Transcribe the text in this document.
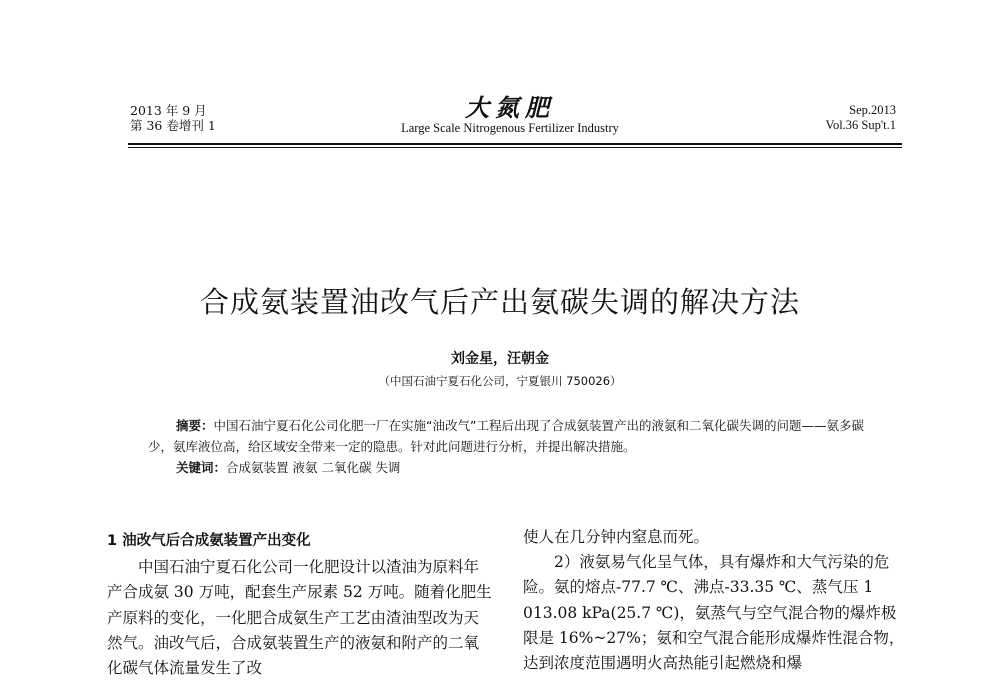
2013 年 9 月
第 36 卷增刊 1
大氮肥
Large Scale Nitrogenous Fertilizer Industry
Sep.2013
Vol.36 Sup't.1
合成氨装置油改气后产出氨碳失调的解决方法
刘金星，汪朝金
（中国石油宁夏石化公司，宁夏银川 750026）

摘要：中国石油宁夏石化公司化肥一厂在实施“油改气”工程后出现了合成氨装置产出的液氨和二氧化碳失调的问题——氨多碳少，氨库液位高，给区域安全带来一定的隐患。针对此问题进行分析，并提出解决措施。

关键词：合成氨装置 液氨 二氧化碳 失调

1 油改气后合成氨装置产出变化

中国石油宁夏石化公司一化肥设计以渣油为原料年产合成氨 30 万吨，配套生产尿素 52 万吨。随着化肥生产原料的变化，一化肥合成氨生产工艺由渣油型改为天然气。油改气后，合成氨装置生产的液氨和附产的二氧化碳气体流量发生了改

使人在几分钟内窒息而死。

2）液氨易气化呈气体，具有爆炸和大气污染的危险。氨的熔点-77.7 ℃、沸点-33.35 ℃、蒸气压 1 013.08 kPa(25.7 ℃)，氨蒸气与空气混合物的爆炸极限是 16%~27%；氨和空气混合能形成爆炸性混合物，达到浓度范围遇明火高热能引起燃烧和爆
